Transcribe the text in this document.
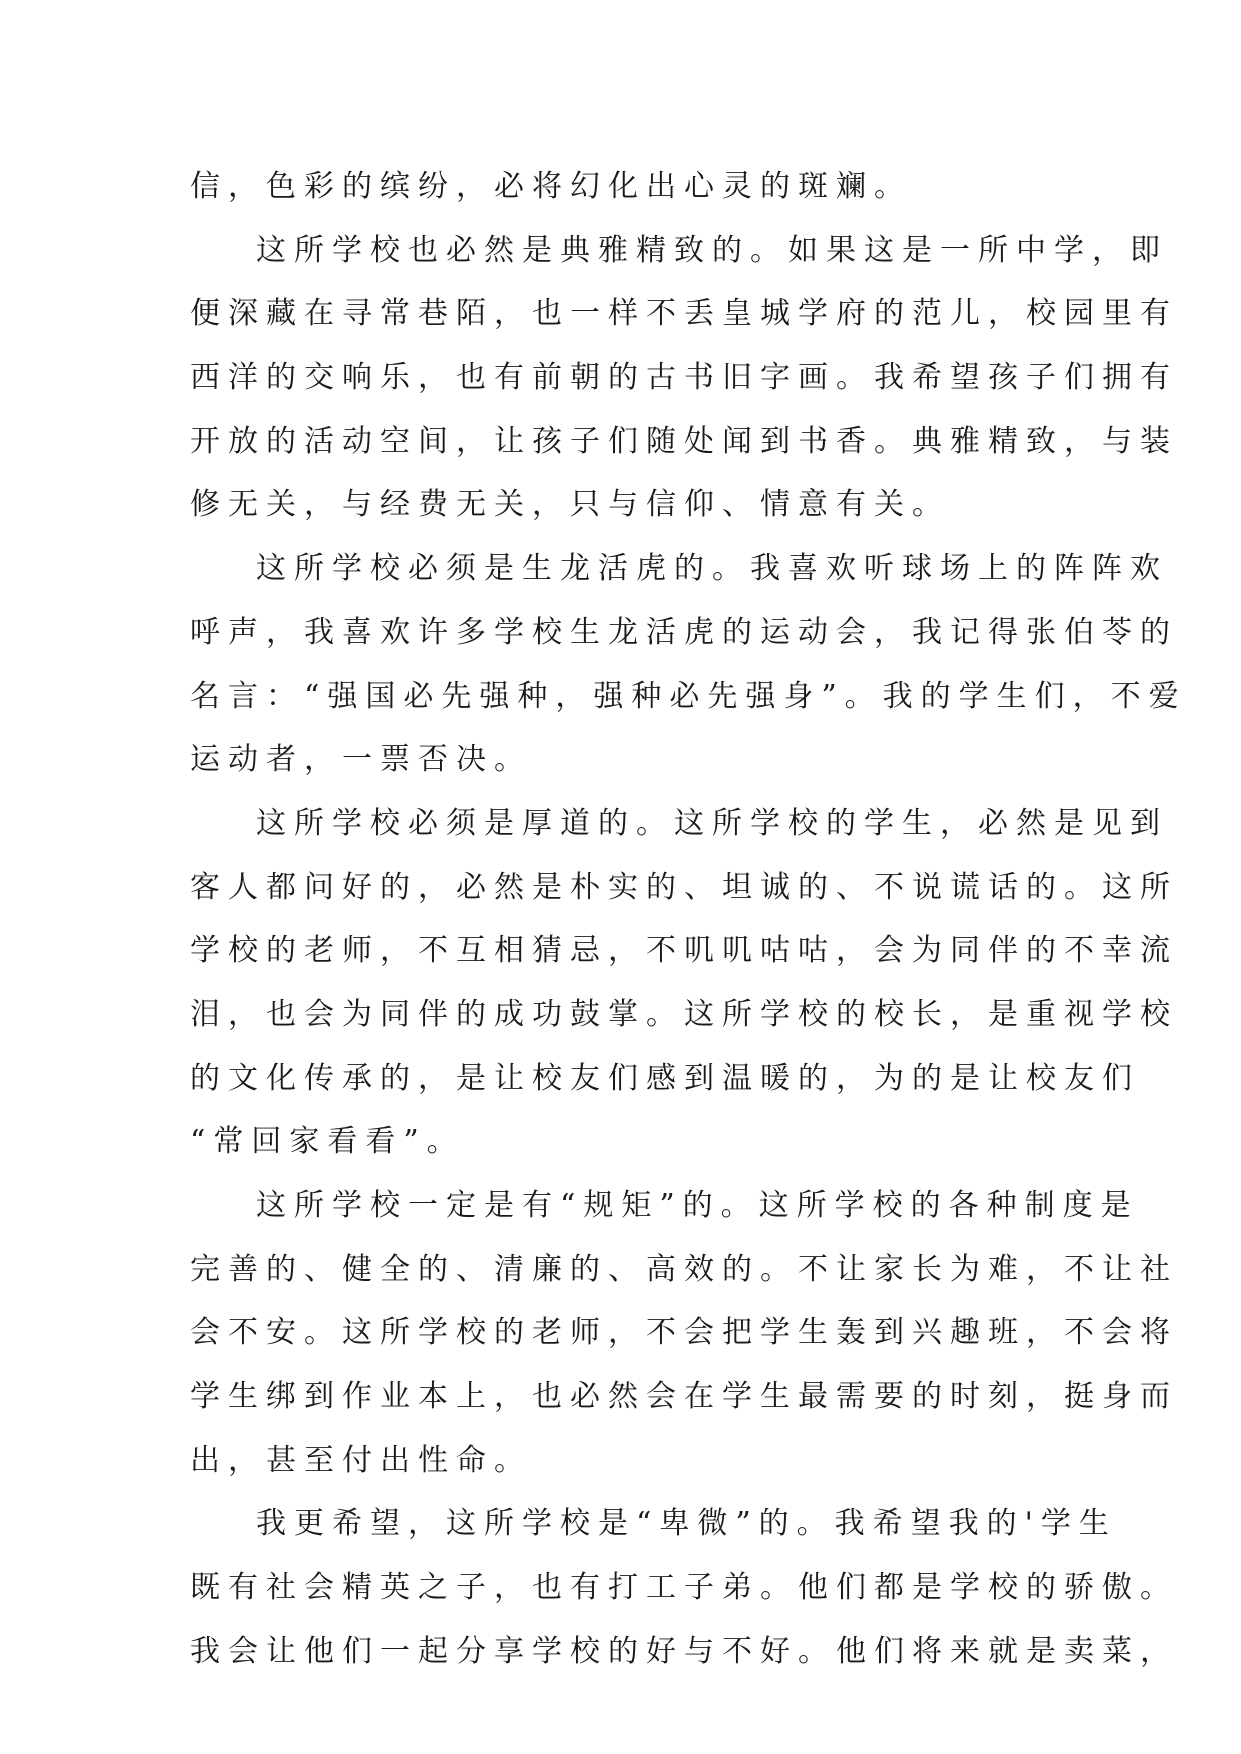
信，色彩的缤纷，必将幻化出心灵的斑斓。
这所学校也必然是典雅精致的。如果这是一所中学，即
便深藏在寻常巷陌，也一样不丢皇城学府的范儿，校园里有
西洋的交响乐，也有前朝的古书旧字画。我希望孩子们拥有
开放的活动空间，让孩子们随处闻到书香。典雅精致，与装
修无关，与经费无关，只与信仰、情意有关。
这所学校必须是生龙活虎的。我喜欢听球场上的阵阵欢
呼声，我喜欢许多学校生龙活虎的运动会，我记得张伯苓的
名言：“强国必先强种，强种必先强身”。我的学生们，不爱
运动者，一票否决。
这所学校必须是厚道的。这所学校的学生，必然是见到
客人都问好的，必然是朴实的、坦诚的、不说谎话的。这所
学校的老师，不互相猜忌，不叽叽咕咕，会为同伴的不幸流
泪，也会为同伴的成功鼓掌。这所学校的校长，是重视学校
的文化传承的，是让校友们感到温暖的，为的是让校友们
“常回家看看”。
这所学校一定是有“规矩”的。这所学校的各种制度是
完善的、健全的、清廉的、高效的。不让家长为难，不让社
会不安。这所学校的老师，不会把学生轰到兴趣班，不会将
学生绑到作业本上，也必然会在学生最需要的时刻，挺身而
出，甚至付出性命。
我更希望，这所学校是“卑微”的。我希望我的'学生
既有社会精英之子，也有打工子弟。他们都是学校的骄傲。
我会让他们一起分享学校的好与不好。他们将来就是卖菜，
